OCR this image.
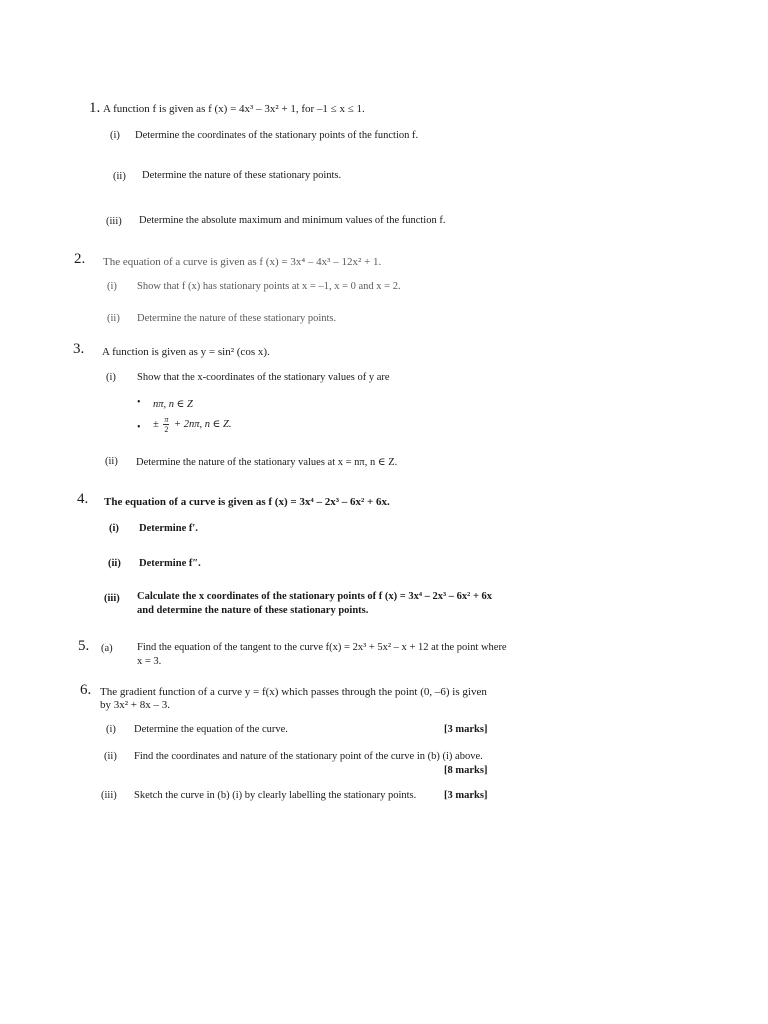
1. A function f is given as f (x) = 4x³ – 3x² + 1, for –1 ≤ x ≤ 1.
(i) Determine the coordinates of the stationary points of the function f.
(ii) Determine the nature of these stationary points.
(iii) Determine the absolute maximum and minimum values of the function f.
2. The equation of a curve is given as f (x) = 3x⁴ – 4x³ – 12x² + 1.
(i) Show that f (x) has stationary points at x = –1, x = 0 and x = 2.
(ii) Determine the nature of these stationary points.
3. A function is given as y = sin² (cos x).
(i) Show that the x-coordinates of the stationary values of y are
• nπ, n ∈ Z
• ± $\frac{\pi}{2} + 2n\pi$, n ∈ Z.
(ii) Determine the nature of the stationary values at x = nπ, n ∈ Z.
4. The equation of a curve is given as f (x) = 3x⁴ – 2x³ – 6x² + 6x.
(i) Determine f′.
(ii) Determine f″.
(iii) Calculate the x coordinates of the stationary points of f (x) = 3x⁴ – 2x³ – 6x² + 6x
and determine the nature of these stationary points.
5. (a) Find the equation of the tangent to the curve f(x) = 2x³ + 5x² – x + 12 at the point where
x = 3.
6. The gradient function of a curve y = f(x) which passes through the point (0, –6) is given
by 3x² + 8x – 3.
(i) Determine the equation of the curve.	[3 marks]
(ii) Find the coordinates and nature of the stationary point of the curve in (b) (i) above.
[8 marks]
(iii) Sketch the curve in (b) (i) by clearly labelling the stationary points.	[3 marks]
